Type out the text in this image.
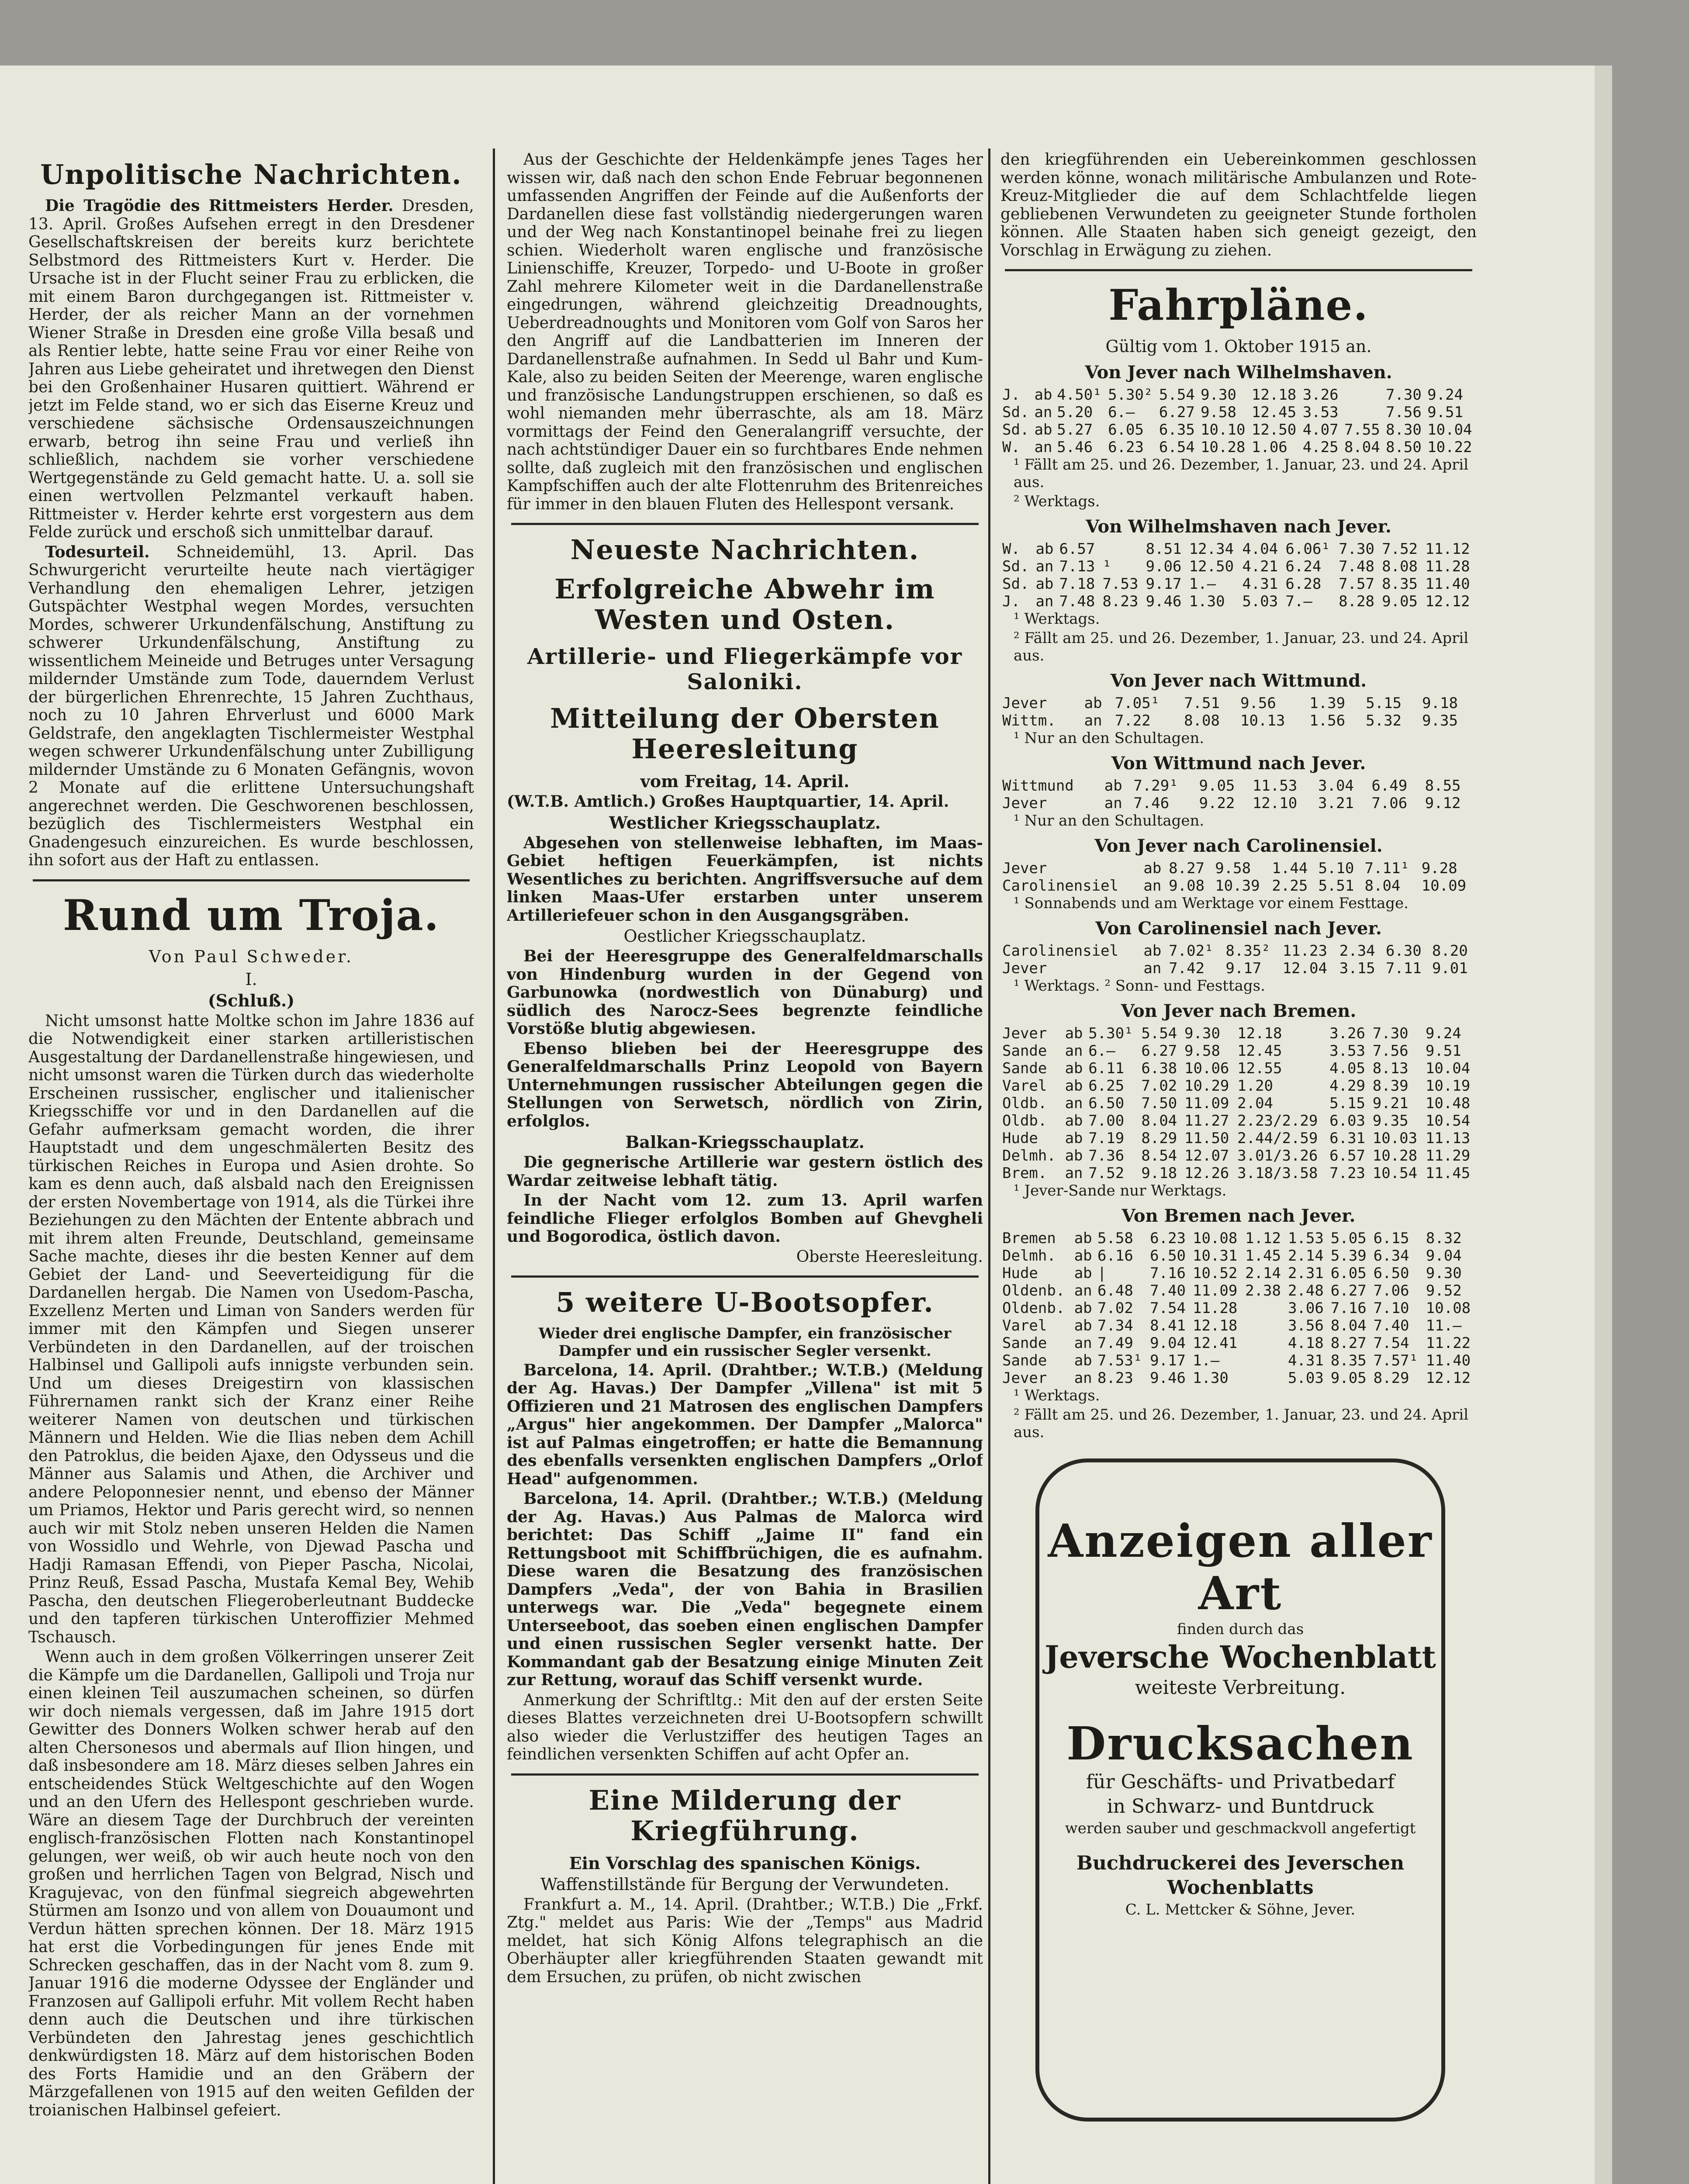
Unpolitische Nachrichten.

Die Tragödie des Rittmeisters Herder. Dresden, 13. April. Großes Aufsehen erregt in den Dresdener Gesellschaftskreisen der bereits kurz berichtete Selbstmord des Rittmeisters Kurt v. Herder. Die Ursache ist in der Flucht seiner Frau zu erblicken, die mit einem Baron durchgegangen ist. Rittmeister v. Herder, der als reicher Mann an der vornehmen Wiener Straße in Dresden eine große Villa besaß und als Rentier lebte, hatte seine Frau vor einer Reihe von Jahren aus Liebe geheiratet und ihretwegen den Dienst bei den Großenhainer Husaren quittiert. Während er jetzt im Felde stand, wo er sich das Eiserne Kreuz und verschiedene sächsische Ordensauszeichnungen erwarb, betrog ihn seine Frau und verließ ihn schließlich, nachdem sie vorher verschiedene Wertgegenstände zu Geld gemacht hatte. U. a. soll sie einen wertvollen Pelzmantel verkauft haben. Rittmeister v. Herder kehrte erst vorgestern aus dem Felde zurück und erschoß sich unmittelbar darauf.

Todesurteil. Schneidemühl, 13. April. Das Schwurgericht verurteilte heute nach viertägiger Verhandlung den ehemaligen Lehrer, jetzigen Gutspächter Westphal wegen Mordes, versuchten Mordes, schwerer Urkundenfälschung, Anstiftung zu schwerer Urkundenfälschung, Anstiftung zu wissentlichem Meineide und Betruges unter Versagung mildernder Umstände zum Tode, dauerndem Verlust der bürgerlichen Ehrenrechte, 15 Jahren Zuchthaus, noch zu 10 Jahren Ehrverlust und 6000 Mark Geldstrafe, den angeklagten Tischlermeister Westphal wegen schwerer Urkundenfälschung unter Zubilligung mildernder Umstände zu 6 Monaten Gefängnis, wovon 2 Monate auf die erlittene Untersuchungshaft angerechnet werden. Die Geschworenen beschlossen, bezüglich des Tischlermeisters Westphal ein Gnadengesuch einzureichen. Es wurde beschlossen, ihn sofort aus der Haft zu entlassen.

Rund um Troja.
Von Paul Schweder.
I.
(Schluß.)

Nicht umsonst hatte Moltke schon im Jahre 1836 auf die Notwendigkeit einer starken artilleristischen Ausgestaltung der Dardanellenstraße hingewiesen, und nicht umsonst waren die Türken durch das wiederholte Erscheinen russischer, englischer und italienischer Kriegsschiffe vor und in den Dardanellen auf die Gefahr aufmerksam gemacht worden, die ihrer Hauptstadt und dem ungeschmälerten Besitz des türkischen Reiches in Europa und Asien drohte. So kam es denn auch, daß alsbald nach den Ereignissen der ersten Novembertage von 1914, als die Türkei ihre Beziehungen zu den Mächten der Entente abbrach und mit ihrem alten Freunde, Deutschland, gemeinsame Sache machte, dieses ihr die besten Kenner auf dem Gebiet der Land- und Seeverteidigung für die Dardanellen hergab. Die Namen von Usedom-Pascha, Exzellenz Merten und Liman von Sanders werden für immer mit den Kämpfen und Siegen unserer Verbündeten in den Dardanellen, auf der troischen Halbinsel und Gallipoli aufs innigste verbunden sein. Und um dieses Dreigestirn von klassischen Führernamen rankt sich der Kranz einer Reihe weiterer Namen von deutschen und türkischen Männern und Helden. Wie die Ilias neben dem Achill den Patroklus, die beiden Ajaxe, den Odysseus und die Männer aus Salamis und Athen, die Archiver und andere Peloponnesier nennt, und ebenso der Männer um Priamos, Hektor und Paris gerecht wird, so nennen auch wir mit Stolz neben unseren Helden die Namen von Wossidlo und Wehrle, von Djewad Pascha und Hadji Ramasan Effendi, von Pieper Pascha, Nicolai, Prinz Reuß, Essad Pascha, Mustafa Kemal Bey, Wehib Pascha, den deutschen Fliegeroberleutnant Buddecke und den tapferen türkischen Unteroffizier Mehmed Tschausch.

Wenn auch in dem großen Völkerringen unserer Zeit die Kämpfe um die Dardanellen, Gallipoli und Troja nur einen kleinen Teil auszumachen scheinen, so dürfen wir doch niemals vergessen, daß im Jahre 1915 dort Gewitter des Donners Wolken schwer herab auf den alten Chersonesos und abermals auf Ilion hingen, und daß insbesondere am 18. März dieses selben Jahres ein entscheidendes Stück Weltgeschichte auf den Wogen und an den Ufern des Hellespont geschrieben wurde. Wäre an diesem Tage der Durchbruch der vereinten englisch-französischen Flotten nach Konstantinopel gelungen, wer weiß, ob wir auch heute noch von den großen und herrlichen Tagen von Belgrad, Nisch und Kragujevac, von den fünfmal siegreich abgewehrten Stürmen am Isonzo und von allem von Douaumont und Verdun hätten sprechen können. Der 18. März 1915 hat erst die Vorbedingungen für jenes Ende mit Schrecken geschaffen, das in der Nacht vom 8. zum 9. Januar 1916 die moderne Odyssee der Engländer und Franzosen auf Gallipoli erfuhr. Mit vollem Recht haben denn auch die Deutschen und ihre türkischen Verbündeten den Jahrestag jenes geschichtlich denkwürdigsten 18. März auf dem historischen Boden des Forts Hamidie und an den Gräbern der Märzgefallenen von 1915 auf den weiten Gefilden der troianischen Halbinsel gefeiert.

Aus der Geschichte der Heldenkämpfe jenes Tages her wissen wir, daß nach den schon Ende Februar begonnenen umfassenden Angriffen der Feinde auf die Außenforts der Dardanellen diese fast vollständig niedergerungen waren und der Weg nach Konstantinopel beinahe frei zu liegen schien. Wiederholt waren englische und französische Linienschiffe, Kreuzer, Torpedo- und U-Boote in großer Zahl mehrere Kilometer weit in die Dardanellenstraße eingedrungen, während gleichzeitig Dreadnoughts, Ueberdreadnoughts und Monitoren vom Golf von Saros her den Angriff auf die Landbatterien im Inneren der Dardanellenstraße aufnahmen. In Sedd ul Bahr und Kum-Kale, also zu beiden Seiten der Meerenge, waren englische und französische Landungstruppen erschienen, so daß es wohl niemanden mehr überraschte, als am 18. März vormittags der Feind den Generalangriff versuchte, der nach achtstündiger Dauer ein so furchtbares Ende nehmen sollte, daß zugleich mit den französischen und englischen Kampfschiffen auch der alte Flottenruhm des Britenreiches für immer in den blauen Fluten des Hellespont versank.

Neueste Nachrichten.
Erfolgreiche Abwehr im Westen und Osten.
Artillerie- und Fliegerkämpfe vor Saloniki.
Mitteilung der Obersten Heeresleitung
vom Freitag, 14. April.

(W.T.B. Amtlich.) Großes Hauptquartier, 14. April.

Westlicher Kriegsschauplatz.

Abgesehen von stellenweise lebhaften, im Maas-Gebiet heftigen Feuerkämpfen, ist nichts Wesentliches zu berichten. Angriffsversuche auf dem linken Maas-Ufer erstarben unter unserem Artilleriefeuer schon in den Ausgangsgräben.

Oestlicher Kriegsschauplatz.

Bei der Heeresgruppe des Generalfeldmarschalls von Hindenburg wurden in der Gegend von Garbunowka (nordwestlich von Dünaburg) und südlich des Narocz-Sees begrenzte feindliche Vorstöße blutig abgewiesen.

Ebenso blieben bei der Heeresgruppe des Generalfeldmarschalls Prinz Leopold von Bayern Unternehmungen russischer Abteilungen gegen die Stellungen von Serwetsch, nördlich von Zirin, erfolglos.

Balkan-Kriegsschauplatz.

Die gegnerische Artillerie war gestern östlich des Wardar zeitweise lebhaft tätig.

In der Nacht vom 12. zum 13. April warfen feindliche Flieger erfolglos Bomben auf Ghevgheli und Bogorodica, östlich davon.

Oberste Heeresleitung.
5 weitere U-Bootsopfer.
Wieder drei englische Dampfer, ein französischer Dampfer und ein russischer Segler versenkt.

Barcelona, 14. April. (Drahtber.; W.T.B.) (Meldung der Ag. Havas.) Der Dampfer „Villena" ist mit 5 Offizieren und 21 Matrosen des englischen Dampfers „Argus" hier angekommen. Der Dampfer „Malorca" ist auf Palmas eingetroffen; er hatte die Bemannung des ebenfalls versenkten englischen Dampfers „Orlof Head" aufgenommen.

Barcelona, 14. April. (Drahtber.; W.T.B.) (Meldung der Ag. Havas.) Aus Palmas de Malorca wird berichtet: Das Schiff „Jaime II" fand ein Rettungsboot mit Schiffbrüchigen, die es aufnahm. Diese waren die Besatzung des französischen Dampfers „Veda", der von Bahia in Brasilien unterwegs war. Die „Veda" begegnete einem Unterseeboot, das soeben einen englischen Dampfer und einen russischen Segler versenkt hatte. Der Kommandant gab der Besatzung einige Minuten Zeit zur Rettung, worauf das Schiff versenkt wurde.

Anmerkung der Schriftltg.: Mit den auf der ersten Seite dieses Blattes verzeichneten drei U-Bootsopfern schwillt also wieder die Verlustziffer des heutigen Tages an feindlichen versenkten Schiffen auf acht Opfer an.

Eine Milderung der Kriegführung.
Ein Vorschlag des spanischen Königs.
Waffenstillstände für Bergung der Verwundeten.

Frankfurt a. M., 14. April. (Drahtber.; W.T.B.) Die „Frkf. Ztg." meldet aus Paris: Wie der „Temps" aus Madrid meldet, hat sich König Alfons telegraphisch an die Oberhäupter aller kriegführenden Staaten gewandt mit dem Ersuchen, zu prüfen, ob nicht zwischen

den kriegführenden ein Uebereinkommen geschlossen werden könne, wonach militärische Ambulanzen und Rote-Kreuz-Mitglieder die auf dem Schlachtfelde liegen gebliebenen Verwundeten zu geeigneter Stunde fortholen können. Alle Staaten haben sich geneigt gezeigt, den Vorschlag in Erwägung zu ziehen.

Fahrpläne.
Gültig vom 1. Oktober 1915 an.
Von Jever nach Wilhelmshaven.
J.	ab	4.50¹	5.30²	5.54	9.30	12.18	3.26		7.30	9.24
Sd.	an	5.20	6.—	6.27	9.58	12.45	3.53		7.56	9.51
Sd.	ab	5.27	6.05	6.35	10.10	12.50	4.07	7.55	8.30	10.04
W.	an	5.46	6.23	6.54	10.28	1.06	4.25	8.04	8.50	10.22
¹ Fällt am 25. und 26. Dezember, 1. Januar, 23. und 24. April aus.
² Werktags.
Von Wilhelmshaven nach Jever.
W.	ab	6.57		8.51	12.34	4.04	6.06¹	7.30	7.52	11.12
Sd.	an	7.13	¹	9.06	12.50	4.21	6.24	7.48	8.08	11.28
Sd.	ab	7.18	7.53	9.17	1.—	4.31	6.28	7.57	8.35	11.40
J.	an	7.48	8.23	9.46	1.30	5.03	7.—	8.28	9.05	12.12
¹ Werktags.
² Fällt am 25. und 26. Dezember, 1. Januar, 23. und 24. April aus.
Von Jever nach Wittmund.
Jever	ab	7.05¹	7.51	9.56	1.39	5.15	9.18
Wittm.	an	7.22	8.08	10.13	1.56	5.32	9.35
¹ Nur an den Schultagen.
Von Wittmund nach Jever.
Wittmund	ab	7.29¹	9.05	11.53	3.04	6.49	8.55
Jever	an	7.46	9.22	12.10	3.21	7.06	9.12
¹ Nur an den Schultagen.
Von Jever nach Carolinensiel.
Jever	ab	8.27	9.58	1.44	5.10	7.11¹	9.28
Carolinensiel	an	9.08	10.39	2.25	5.51	8.04	10.09
¹ Sonnabends und am Werktage vor einem Festtage.
Von Carolinensiel nach Jever.
Carolinensiel	ab	7.02¹	8.35²	11.23	2.34	6.30	8.20
Jever	an	7.42	9.17	12.04	3.15	7.11	9.01
¹ Werktags. ² Sonn- und Festtags.
Von Jever nach Bremen.
Jever	ab	5.30¹	5.54	9.30	12.18	3.26	7.30	9.24
Sande	an	6.—	6.27	9.58	12.45	3.53	7.56	9.51
Sande	ab	6.11	6.38	10.06	12.55	4.05	8.13	10.04
Varel	ab	6.25	7.02	10.29	1.20	4.29	8.39	10.19
Oldb.	an	6.50	7.50	11.09	2.04	5.15	9.21	10.48
Oldb.	ab	7.00	8.04	11.27	2.23/2.29	6.03	9.35	10.54
Hude	ab	7.19	8.29	11.50	2.44/2.59	6.31	10.03	11.13
Delmh.	ab	7.36	8.54	12.07	3.01/3.26	6.57	10.28	11.29
Brem.	an	7.52	9.18	12.26	3.18/3.58	7.23	10.54	11.45
¹ Jever-Sande nur Werktags.
Von Bremen nach Jever.
Bremen	ab	5.58	6.23	10.08	1.12	1.53	5.05	6.15	8.32
Delmh.	ab	6.16	6.50	10.31	1.45	2.14	5.39	6.34	9.04
Hude	ab	|	7.16	10.52	2.14	2.31	6.05	6.50	9.30
Oldenb.	an	6.48	7.40	11.09	2.38	2.48	6.27	7.06	9.52
Oldenb.	ab	7.02	7.54	11.28		3.06	7.16	7.10	10.08
Varel	ab	7.34	8.41	12.18		3.56	8.04	7.40	11.—
Sande	an	7.49	9.04	12.41		4.18	8.27	7.54	11.22
Sande	ab	7.53¹	9.17	1.—		4.31	8.35	7.57¹	11.40
Jever	an	8.23	9.46	1.30		5.03	9.05	8.29	12.12
¹ Werktags.
² Fällt am 25. und 26. Dezember, 1. Januar, 23. und 24. April aus.
Anzeigen aller Art
finden durch das
Jeversche Wochenblatt
weiteste Verbreitung.
Drucksachen
für Geschäfts- und Privatbedarf
in Schwarz- und Buntdruck
werden sauber und geschmackvoll angefertigt
Buchdruckerei des Jeverschen Wochenblatts
C. L. Mettcker & Söhne, Jever.
